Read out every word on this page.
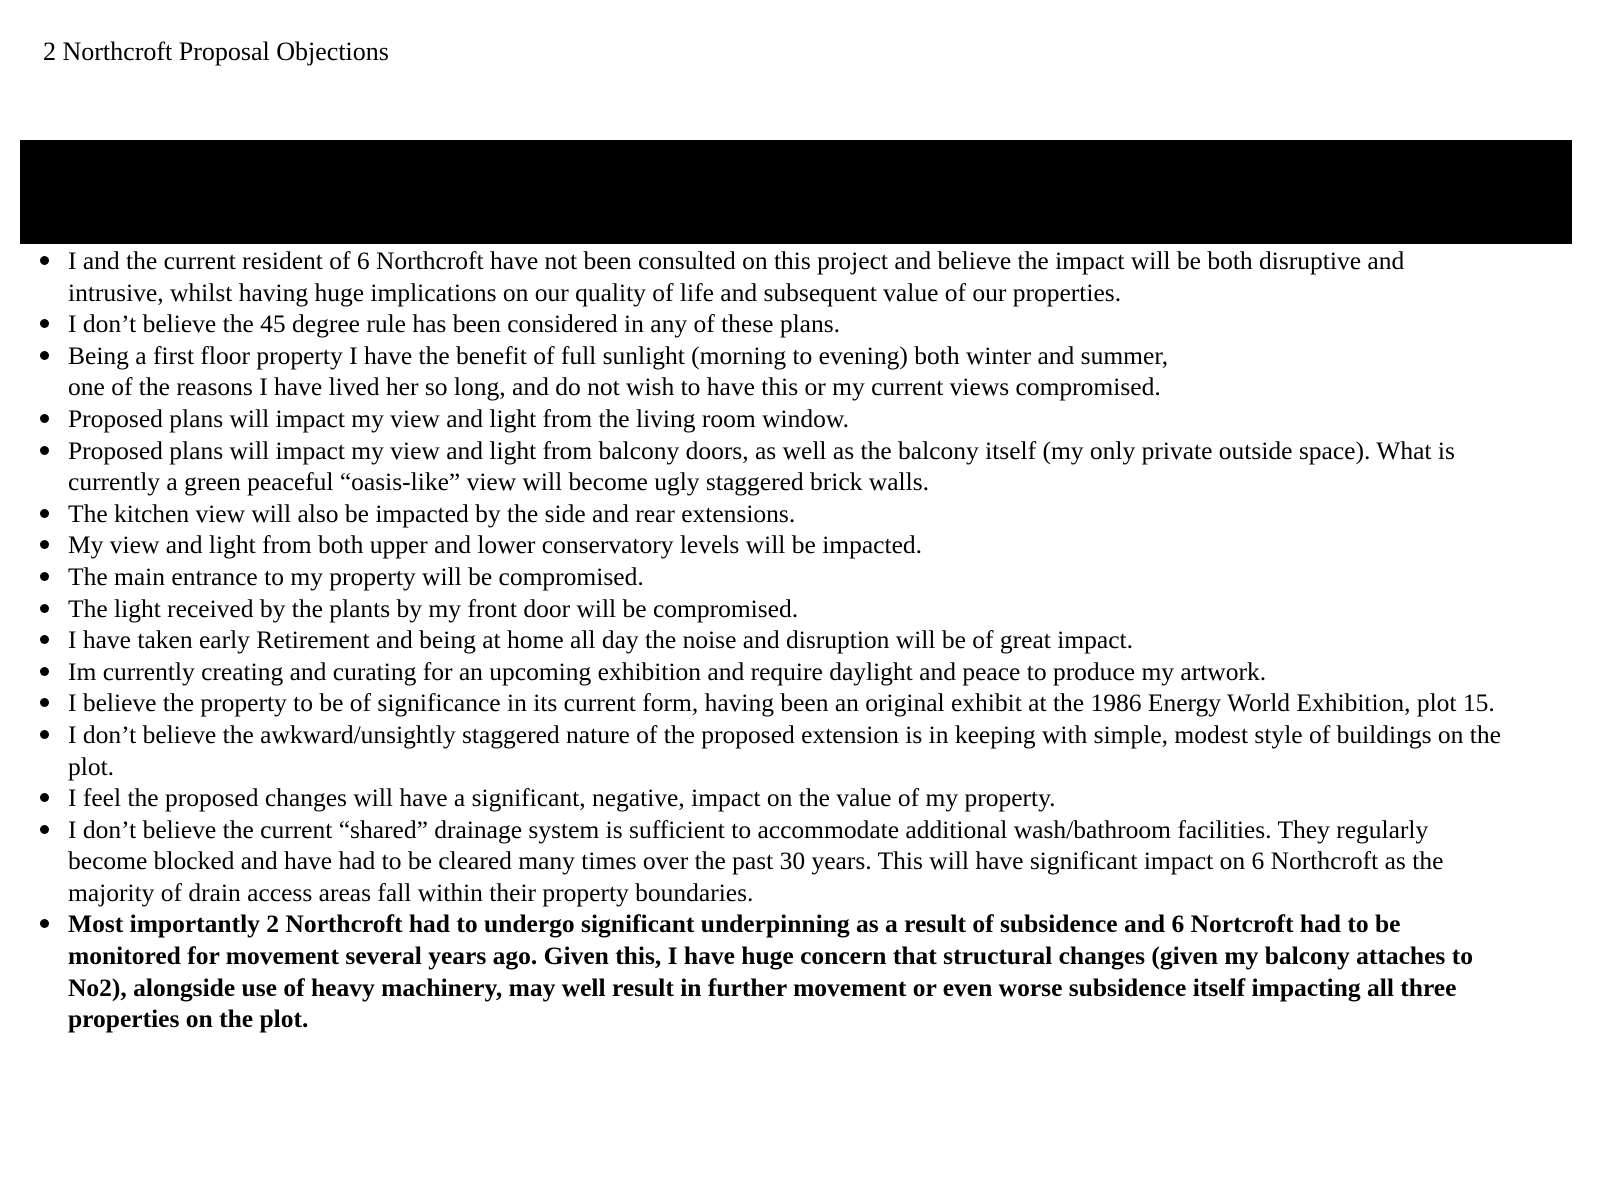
2 Northcroft Proposal Objections
I and the current resident of 6 Northcroft have not been consulted on this project and believe the impact will be both disruptive and
intrusive, whilst having huge implications on our quality of life and subsequent value of our properties.
I don’t believe the 45 degree rule has been considered in any of these plans.
Being a first floor property I have the benefit of full sunlight (morning to evening) both winter and summer,
one of the reasons I have lived her so long, and do not wish to have this or my current views compromised.
Proposed plans will impact my view and light from the living room window.
Proposed plans will impact my view and light from balcony doors, as well as the balcony itself (my only private outside space). What is
currently a green peaceful “oasis-like” view will become ugly staggered brick walls.
The kitchen view will also be impacted by the side and rear extensions.
My view and light from both upper and lower conservatory levels will be impacted.
The main entrance to my property will be compromised.
The light received by the plants by my front door will be compromised.
I have taken early Retirement and being at home all day the noise and disruption will be of great impact.
Im currently creating and curating for an upcoming exhibition and require daylight and peace to produce my artwork.
I believe the property to be of significance in its current form, having been an original exhibit at the 1986 Energy World Exhibition, plot 15.
I don’t believe the awkward/unsightly staggered nature of the proposed extension is in keeping with simple, modest style of buildings on the
plot.
I feel the proposed changes will have a significant, negative, impact on the value of my property.
I don’t believe the current “shared” drainage system is sufficient to accommodate additional wash/bathroom facilities. They regularly
become blocked and have had to be cleared many times over the past 30 years. This will have significant impact on 6 Northcroft as the
majority of drain access areas fall within their property boundaries.
Most importantly 2 Northcroft had to undergo significant underpinning as a result of subsidence and 6 Nortcroft had to be
monitored for movement several years ago. Given this, I have huge concern that structural changes (given my balcony attaches to
No2), alongside use of heavy machinery, may well result in further movement or even worse subsidence itself impacting all three
properties on the plot.
